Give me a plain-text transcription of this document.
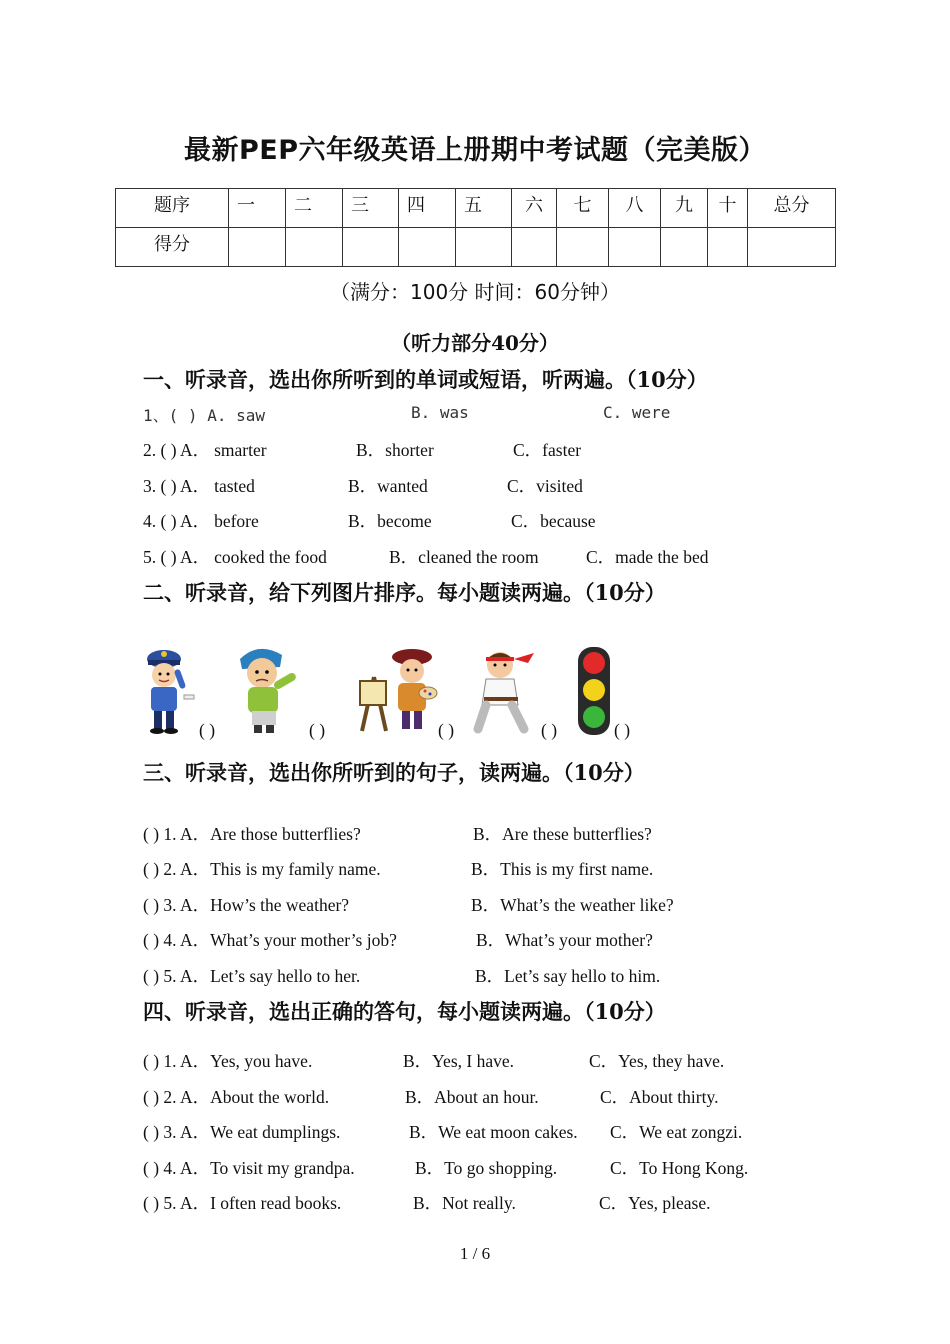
最新PEP六年级英语上册期中考试题（完美版）
题序	一	二	三	四	五	六	七	八	九	十	总分
得分											
（满分：100分 时间：60分钟）
（听力部分40分）
一、听录音，选出你所听到的单词或短语，听两遍。（10分）
1、( ) A. saw	B. was	C. were
2. ( ) A． smarter	B．shorter	C．faster
3. ( ) A． tasted	B．wanted	C．visited
4. ( ) A． before	B．become	C．because
5. ( ) A． cooked the food	B．cleaned the room	C．made the bed
二、听录音，给下列图片排序。每小题读两遍。（10分）
( )	( )	( )	( )	( )
三、听录音，选出你所听到的句子，读两遍。（10分）
( ) 1. A．Are those butterflies?	B．Are these butterflies?
( ) 2. A．This is my family name.	B．This is my first name.
( ) 3. A．How’s the weather?	B．What’s the weather like?
( ) 4. A．What’s your mother’s job?	B．What’s your mother?
( ) 5. A．Let’s say hello to her.	B．Let’s say hello to him.
四、听录音，选出正确的答句，每小题读两遍。（10分）
( ) 1. A．Yes, you have.	B．Yes, I have.	C．Yes, they have.
( ) 2. A．About the world.	B．About an hour.	C．About thirty.
( ) 3. A．We eat dumplings.	B．We eat moon cakes. C．We eat zongzi.
( ) 4. A．To visit my grandpa.	B．To go shopping.	C．To Hong Kong.
( ) 5. A．I often read books.	B．Not really.	C．Yes, please.
1 / 6
